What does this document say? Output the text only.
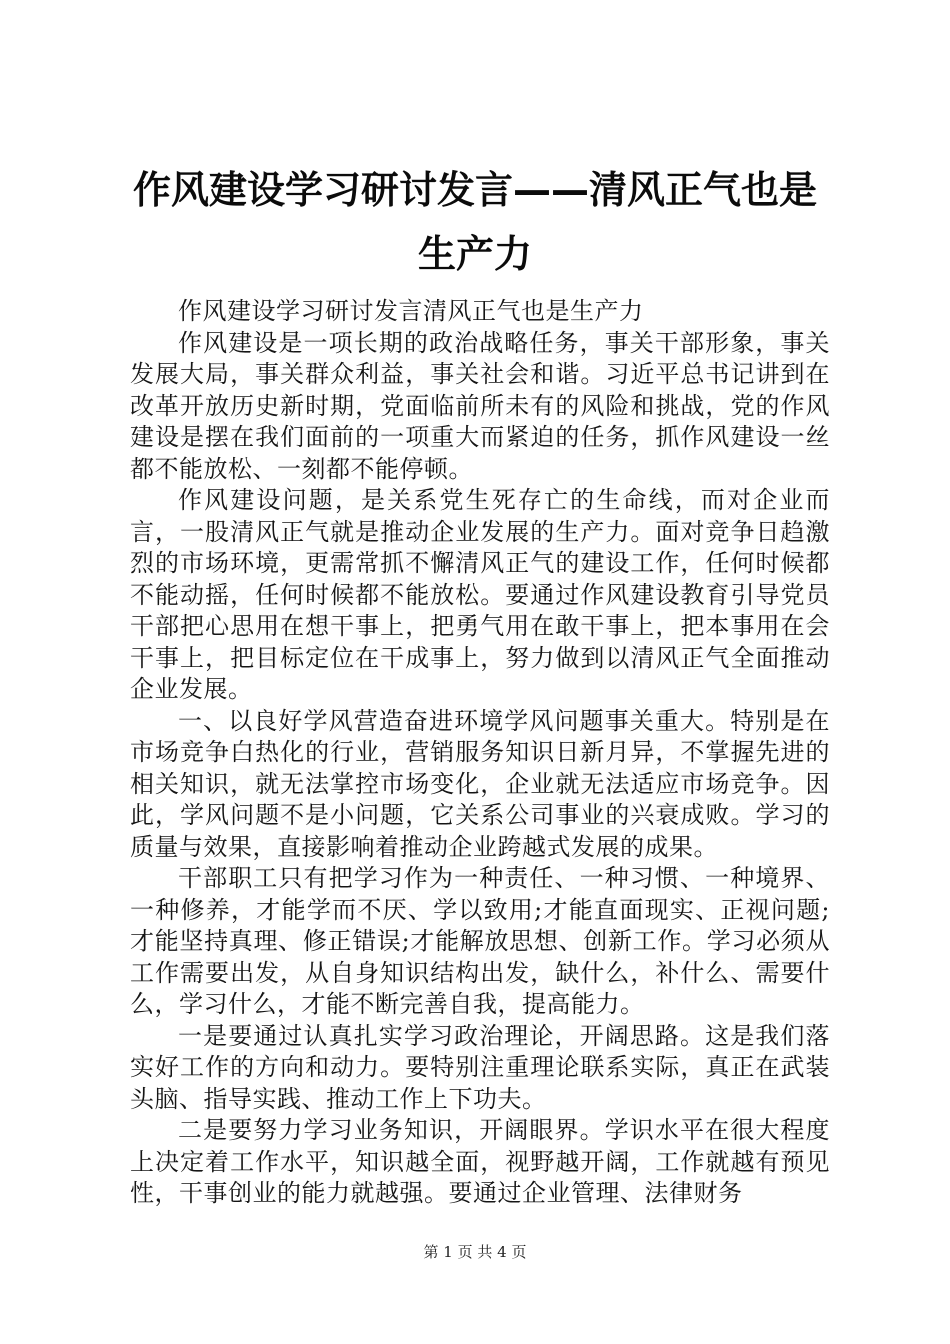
作风建设学习研讨发言——清风正气也是生产力

作风建设学习研讨发言清风正气也是生产力

作风建设是一项长期的政治战略任务，事关干部形象，事关发展大局，事关群众利益，事关社会和谐。习近平总书记讲到在改革开放历史新时期，党面临前所未有的风险和挑战，党的作风建设是摆在我们面前的一项重大而紧迫的任务，抓作风建设一丝都不能放松、一刻都不能停顿。

作风建设问题，是关系党生死存亡的生命线，而对企业而言，一股清风正气就是推动企业发展的生产力。面对竞争日趋激烈的市场环境，更需常抓不懈清风正气的建设工作，任何时候都不能动摇，任何时候都不能放松。要通过作风建设教育引导党员干部把心思用在想干事上，把勇气用在敢干事上，把本事用在会干事上，把目标定位在干成事上，努力做到以清风正气全面推动企业发展。

一、以良好学风营造奋进环境学风问题事关重大。特别是在市场竞争白热化的行业，营销服务知识日新月异，不掌握先进的相关知识，就无法掌控市场变化，企业就无法适应市场竞争。因此，学风问题不是小问题，它关系公司事业的兴衰成败。学习的质量与效果，直接影响着推动企业跨越式发展的成果。

干部职工只有把学习作为一种责任、一种习惯、一种境界、一种修养，才能学而不厌、学以致用;才能直面现实、正视问题;才能坚持真理、修正错误;才能解放思想、创新工作。学习必须从工作需要出发，从自身知识结构出发，缺什么，补什么、需要什么，学习什么，才能不断完善自我，提高能力。

一是要通过认真扎实学习政治理论，开阔思路。这是我们落实好工作的方向和动力。要特别注重理论联系实际，真正在武装头脑、指导实践、推动工作上下功夫。

二是要努力学习业务知识，开阔眼界。学识水平在很大程度上决定着工作水平，知识越全面，视野越开阔，工作就越有预见性，干事创业的能力就越强。要通过企业管理、法律财务

第 1 页 共 4 页
